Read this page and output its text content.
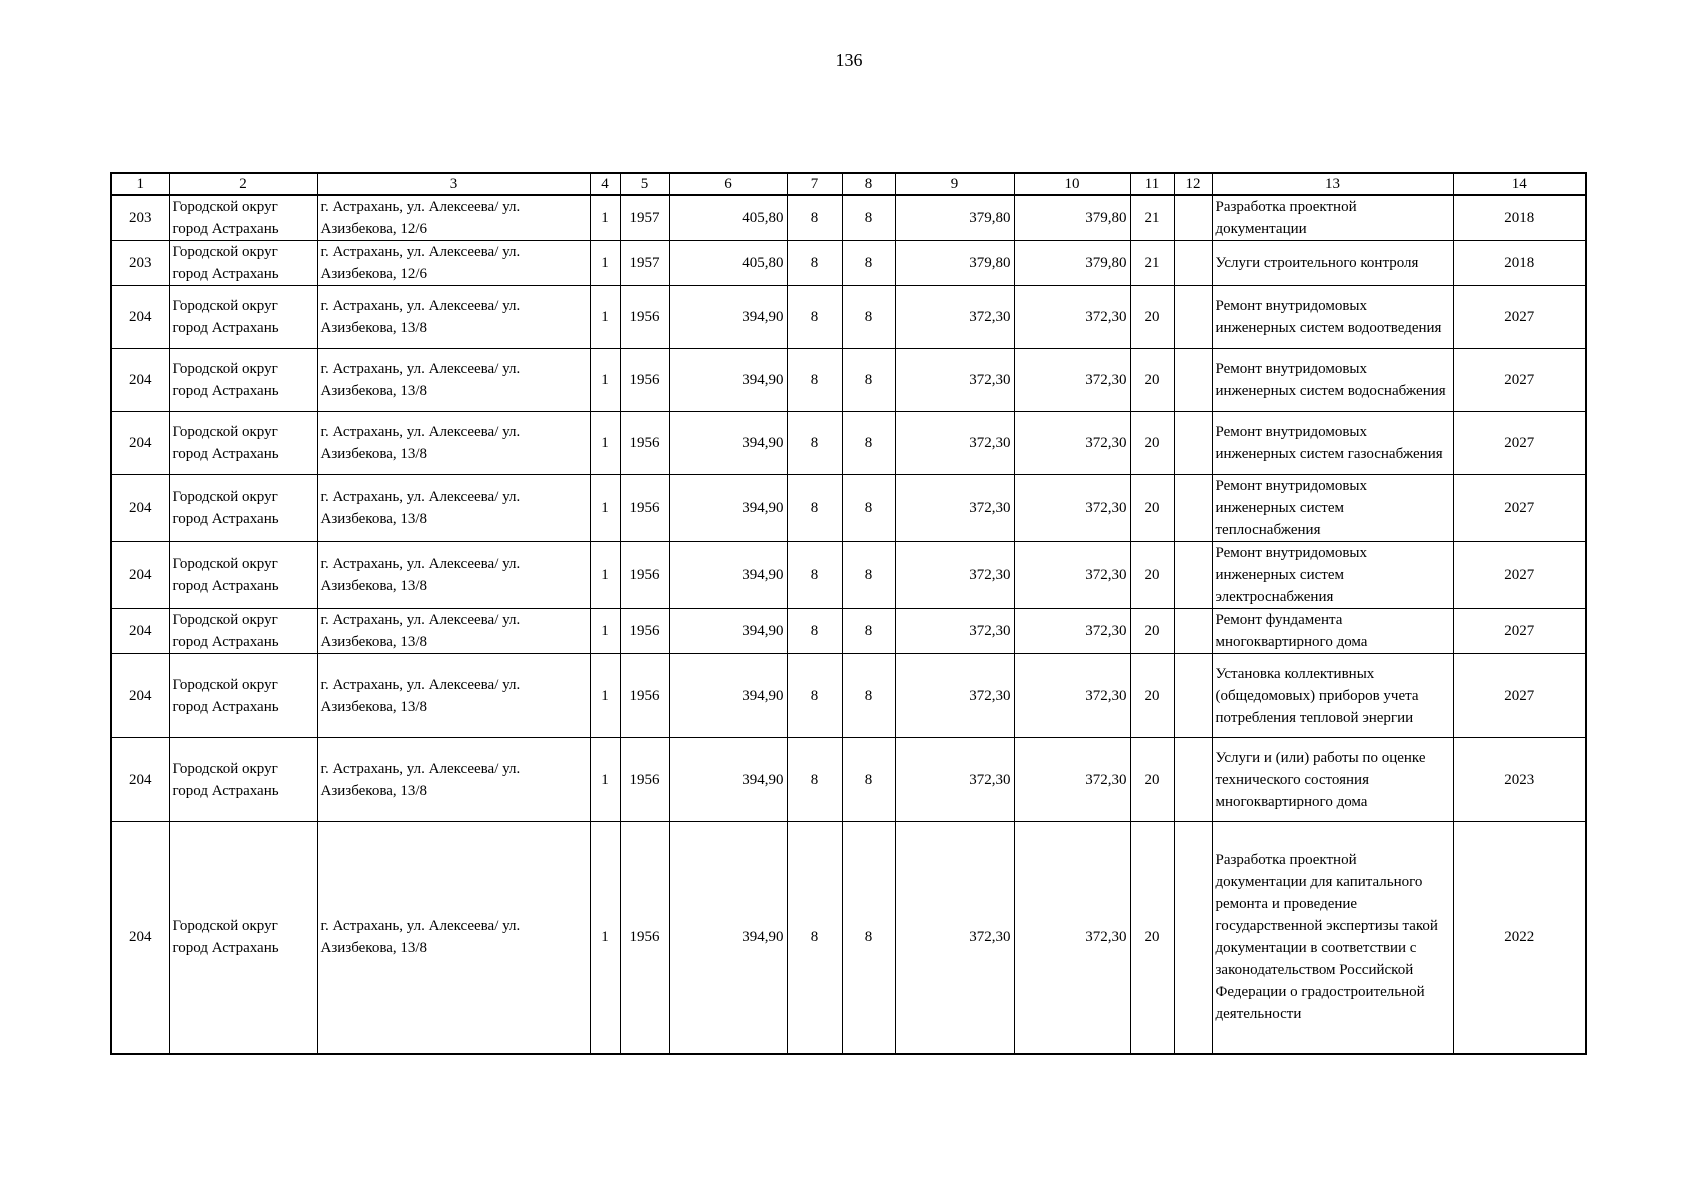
136
1	2	3	4	5	6	7	8	9	10	11	12	13	14
203	Городской округ город Астрахань	г. Астрахань, ул. Алексеева/ ул. Азизбекова, 12/6	1	1957	405,80	8	8	379,80	379,80	21		Разработка проектной документации	2018
203	Городской округ город Астрахань	г. Астрахань, ул. Алексеева/ ул. Азизбекова, 12/6	1	1957	405,80	8	8	379,80	379,80	21		Услуги строительного контроля	2018
204	Городской округ город Астрахань	г. Астрахань, ул. Алексеева/ ул. Азизбекова, 13/8	1	1956	394,90	8	8	372,30	372,30	20		Ремонт внутридомовых инженерных систем водоотведения	2027
204	Городской округ город Астрахань	г. Астрахань, ул. Алексеева/ ул. Азизбекова, 13/8	1	1956	394,90	8	8	372,30	372,30	20		Ремонт внутридомовых инженерных систем водоснабжения	2027
204	Городской округ город Астрахань	г. Астрахань, ул. Алексеева/ ул. Азизбекова, 13/8	1	1956	394,90	8	8	372,30	372,30	20		Ремонт внутридомовых инженерных систем газоснабжения	2027
204	Городской округ город Астрахань	г. Астрахань, ул. Алексеева/ ул. Азизбекова, 13/8	1	1956	394,90	8	8	372,30	372,30	20		Ремонт внутридомовых инженерных систем теплоснабжения	2027
204	Городской округ город Астрахань	г. Астрахань, ул. Алексеева/ ул. Азизбекова, 13/8	1	1956	394,90	8	8	372,30	372,30	20		Ремонт внутридомовых инженерных систем электроснабжения	2027
204	Городской округ город Астрахань	г. Астрахань, ул. Алексеева/ ул. Азизбекова, 13/8	1	1956	394,90	8	8	372,30	372,30	20		Ремонт фундамента многоквартирного дома	2027
204	Городской округ город Астрахань	г. Астрахань, ул. Алексеева/ ул. Азизбекова, 13/8	1	1956	394,90	8	8	372,30	372,30	20		Установка коллективных (общедомовых) приборов учета потребления тепловой энергии	2027
204	Городской округ город Астрахань	г. Астрахань, ул. Алексеева/ ул. Азизбекова, 13/8	1	1956	394,90	8	8	372,30	372,30	20		Услуги и (или) работы по оценке технического состояния многоквартирного дома	2023
204	Городской округ город Астрахань	г. Астрахань, ул. Алексеева/ ул. Азизбекова, 13/8	1	1956	394,90	8	8	372,30	372,30	20		Разработка проектной документации для капитального ремонта и проведение государственной экспертизы такой документации в соответствии с законодательством Российской Федерации о градостроительной деятельности	2022
